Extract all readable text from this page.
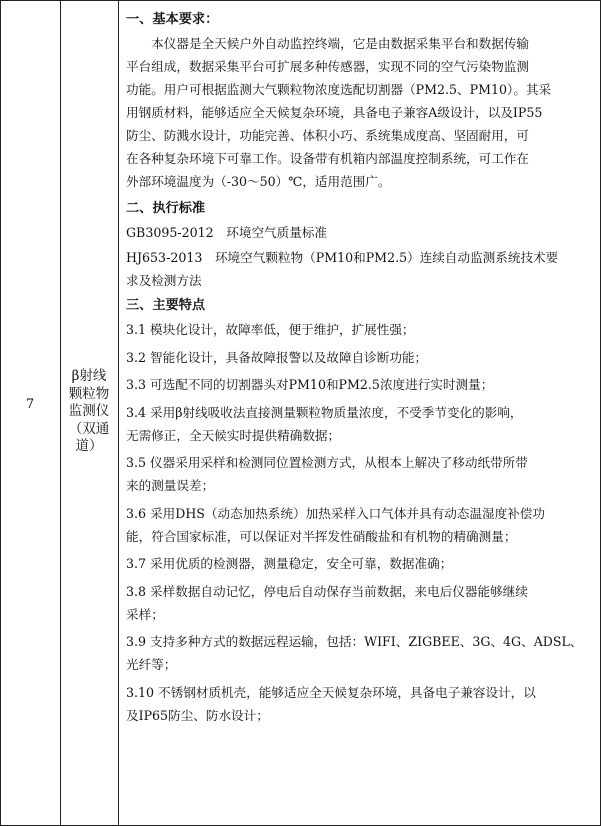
7
β射线
颗粒物
监测仪
（双通
道）
一、基本要求：
本仪器是全天候户外自动监控终端，它是由数据采集平台和数据传输
平台组成，数据采集平台可扩展多种传感器，实现不同的空气污染物监测
功能。用户可根据监测大气颗粒物浓度选配切割器（PM2.5、PM10）。其采
用钢质材料，能够适应全天候复杂环境，具备电子兼容A级设计，以及IP55
防尘、防溅水设计，功能完善、体积小巧、系统集成度高、坚固耐用，可
在各种复杂环境下可靠工作。设备带有机箱内部温度控制系统，可工作在
外部环境温度为（-30～50）℃，适用范围广。
二、执行标准
GB3095-2012　环境空气质量标准
HJ653-2013　环境空气颗粒物（PM10和PM2.5）连续自动监测系统技术要
求及检测方法
三、主要特点
3.1 模块化设计，故障率低，便于维护，扩展性强；
3.2 智能化设计，具备故障报警以及故障自诊断功能；
3.3 可选配不同的切割器头对PM10和PM2.5浓度进行实时测量；
3.4 采用β射线吸收法直接测量颗粒物质量浓度，不受季节变化的影响，
无需修正，全天候实时提供精确数据；
3.5 仪器采用采样和检测同位置检测方式，从根本上解决了移动纸带所带
来的测量误差；
3.6 采用DHS（动态加热系统）加热采样入口气体并具有动态温湿度补偿功
能，符合国家标准，可以保证对半挥发性硝酸盐和有机物的精确测量；
3.7 采用优质的检测器，测量稳定，安全可靠，数据准确；
3.8 采样数据自动记忆，停电后自动保存当前数据，来电后仪器能够继续
采样；
3.9 支持多种方式的数据远程运输，包括：WIFI、ZIGBEE、3G、4G、ADSL、
光纤等；
3.10 不锈钢材质机壳，能够适应全天候复杂环境，具备电子兼容设计，以
及IP65防尘、防水设计；
